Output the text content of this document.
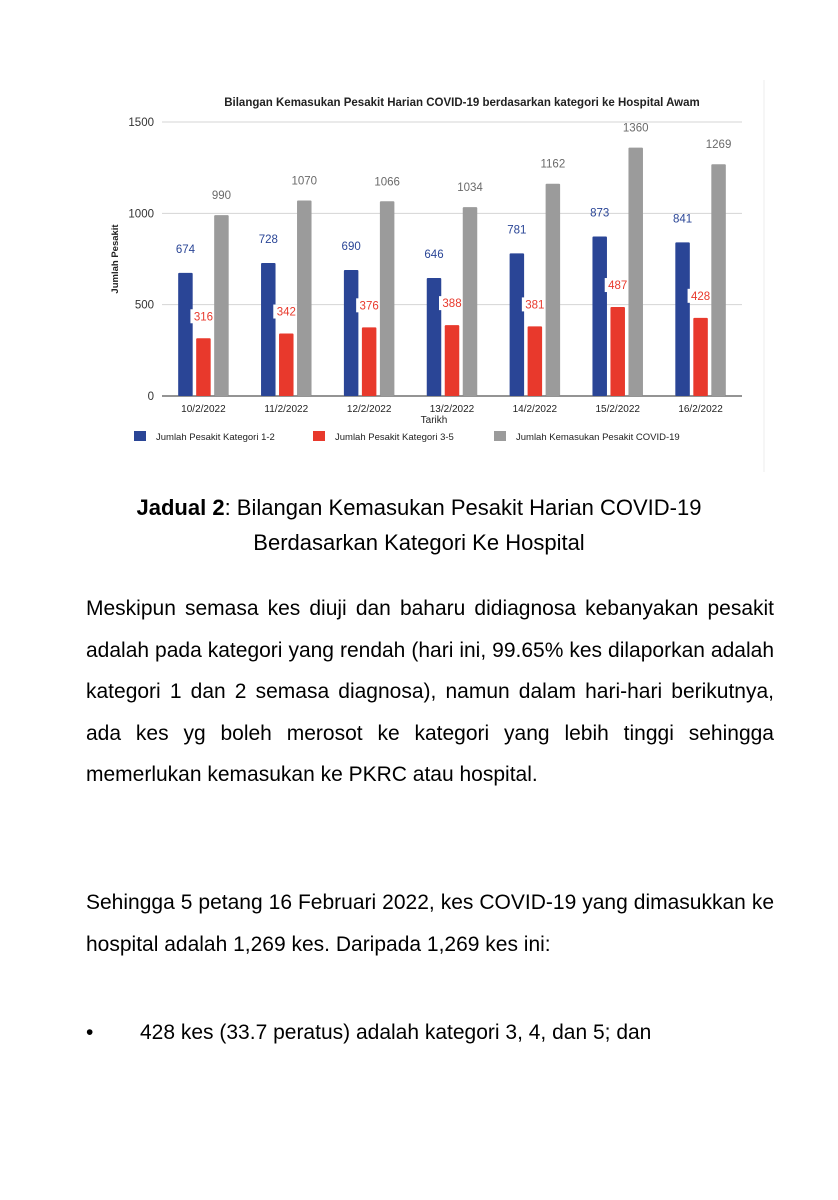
Bilangan Kemasukan Pesakit Harian COVID-19 berdasarkan kategori ke Hospital Awam
0
500
1000
1500
Jumlah Pesakit	674
316
990
10/2/2022
728
342
1070
11/2/2022
690
376
1066
12/2/2022
646
388
1034
13/2/2022
781
381
1162
14/2/2022
873
487
1360
15/2/2022
841
428
1269
16/2/2022
Tarikh
Jumlah Pesakit Kategori 1-2	Jumlah Pesakit Kategori 3-5	Jumlah Kemasukan Pesakit COVID-19
Jadual 2: Bilangan Kemasukan Pesakit Harian COVID-19
Berdasarkan Kategori Ke Hospital
Meskipun semasa kes diuji dan baharu didiagnosa kebanyakan pesakit adalah pada kategori yang rendah (hari ini, 99.65% kes dilaporkan adalah kategori 1 dan 2 semasa diagnosa), namun dalam hari-hari berikutnya, ada kes yg boleh merosot ke kategori yang lebih tinggi sehingga memerlukan kemasukan ke PKRC atau hospital.
Sehingga 5 petang 16 Februari 2022, kes COVID-19 yang dimasukkan ke hospital adalah 1,269 kes. Daripada 1,269 kes ini:
• 428 kes (33.7 peratus) adalah kategori 3, 4, dan 5; dan
